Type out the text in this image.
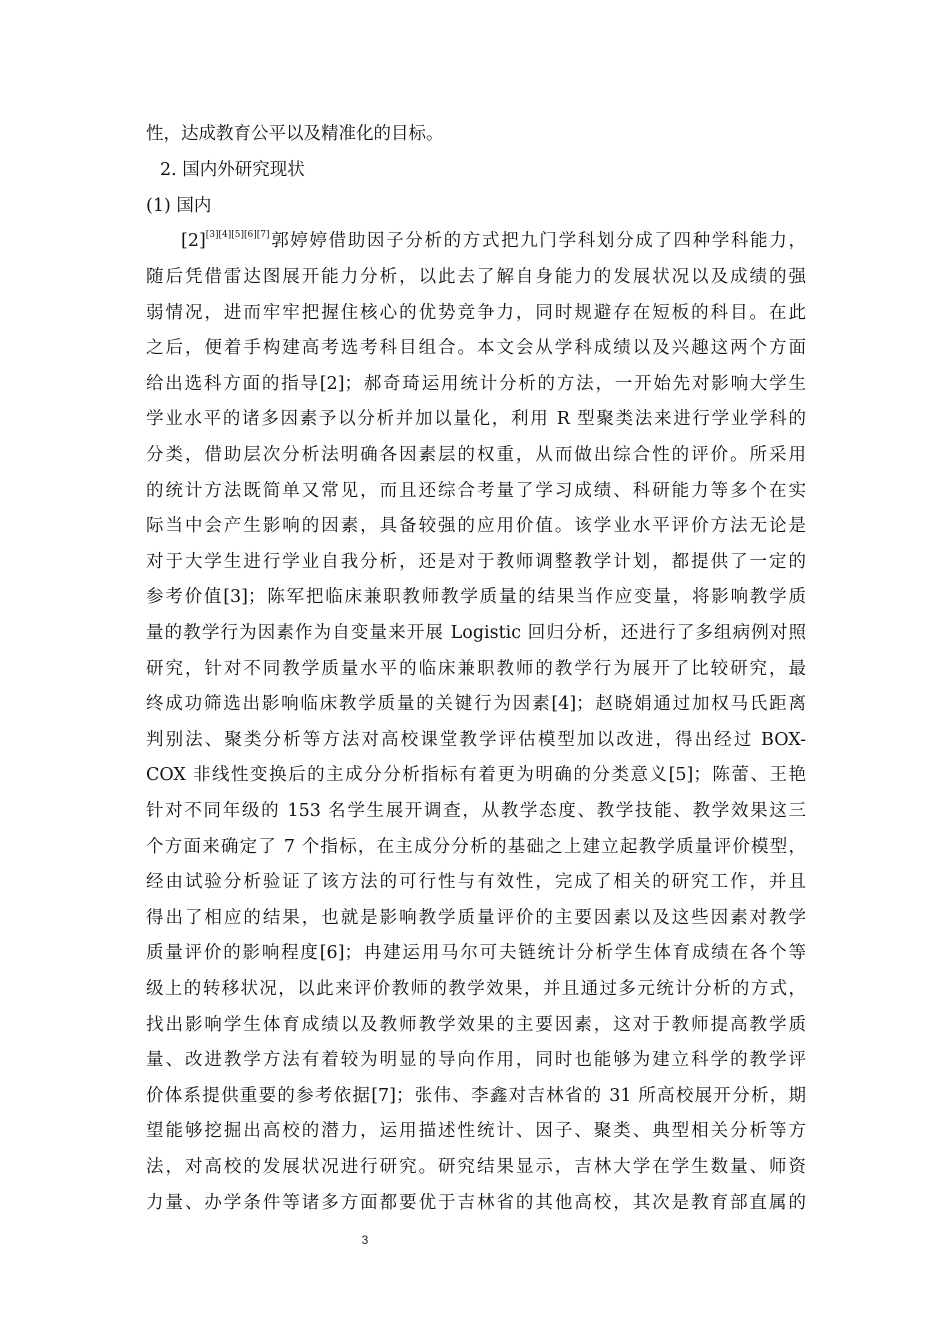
性，达成教育公平以及精准化的目标。
2. 国内外研究现状
(1) 国内
[2][3][4][5][6][7]郭婷婷借助因子分析的方式把九门学科划分成了四种学科能力，
随后凭借雷达图展开能力分析，以此去了解自身能力的发展状况以及成绩的强
弱情况，进而牢牢把握住核心的优势竞争力，同时规避存在短板的科目。在此
之后，便着手构建高考选考科目组合。本文会从学科成绩以及兴趣这两个方面
给出选科方面的指导[2]；郝奇琦运用统计分析的方法，一开始先对影响大学生
学业水平的诸多因素予以分析并加以量化，利用 R 型聚类法来进行学业学科的
分类，借助层次分析法明确各因素层的权重，从而做出综合性的评价。所采用
的统计方法既简单又常见，而且还综合考量了学习成绩、科研能力等多个在实
际当中会产生影响的因素，具备较强的应用价值。该学业水平评价方法无论是
对于大学生进行学业自我分析，还是对于教师调整教学计划，都提供了一定的
参考价值[3]；陈军把临床兼职教师教学质量的结果当作应变量，将影响教学质
量的教学行为因素作为自变量来开展 Logistic 回归分析，还进行了多组病例对照
研究，针对不同教学质量水平的临床兼职教师的教学行为展开了比较研究，最
终成功筛选出影响临床教学质量的关键行为因素[4]；赵晓娟通过加权马氏距离
判别法、聚类分析等方法对高校课堂教学评估模型加以改进，得出经过 BOX-
COX 非线性变换后的主成分分析指标有着更为明确的分类意义[5]；陈蕾、王艳
针对不同年级的 153 名学生展开调查，从教学态度、教学技能、教学效果这三
个方面来确定了 7 个指标，在主成分分析的基础之上建立起教学质量评价模型，
经由试验分析验证了该方法的可行性与有效性，完成了相关的研究工作，并且
得出了相应的结果，也就是影响教学质量评价的主要因素以及这些因素对教学
质量评价的影响程度[6]；冉建运用马尔可夫链统计分析学生体育成绩在各个等
级上的转移状况，以此来评价教师的教学效果，并且通过多元统计分析的方式，
找出影响学生体育成绩以及教师教学效果的主要因素，这对于教师提高教学质
量、改进教学方法有着较为明显的导向作用，同时也能够为建立科学的教学评
价体系提供重要的参考依据[7]；张伟、李鑫对吉林省的 31 所高校展开分析，期
望能够挖掘出高校的潜力，运用描述性统计、因子、聚类、典型相关分析等方
法，对高校的发展状况进行研究。研究结果显示，吉林大学在学生数量、师资
力量、办学条件等诸多方面都要优于吉林省的其他高校，其次是教育部直属的
3
